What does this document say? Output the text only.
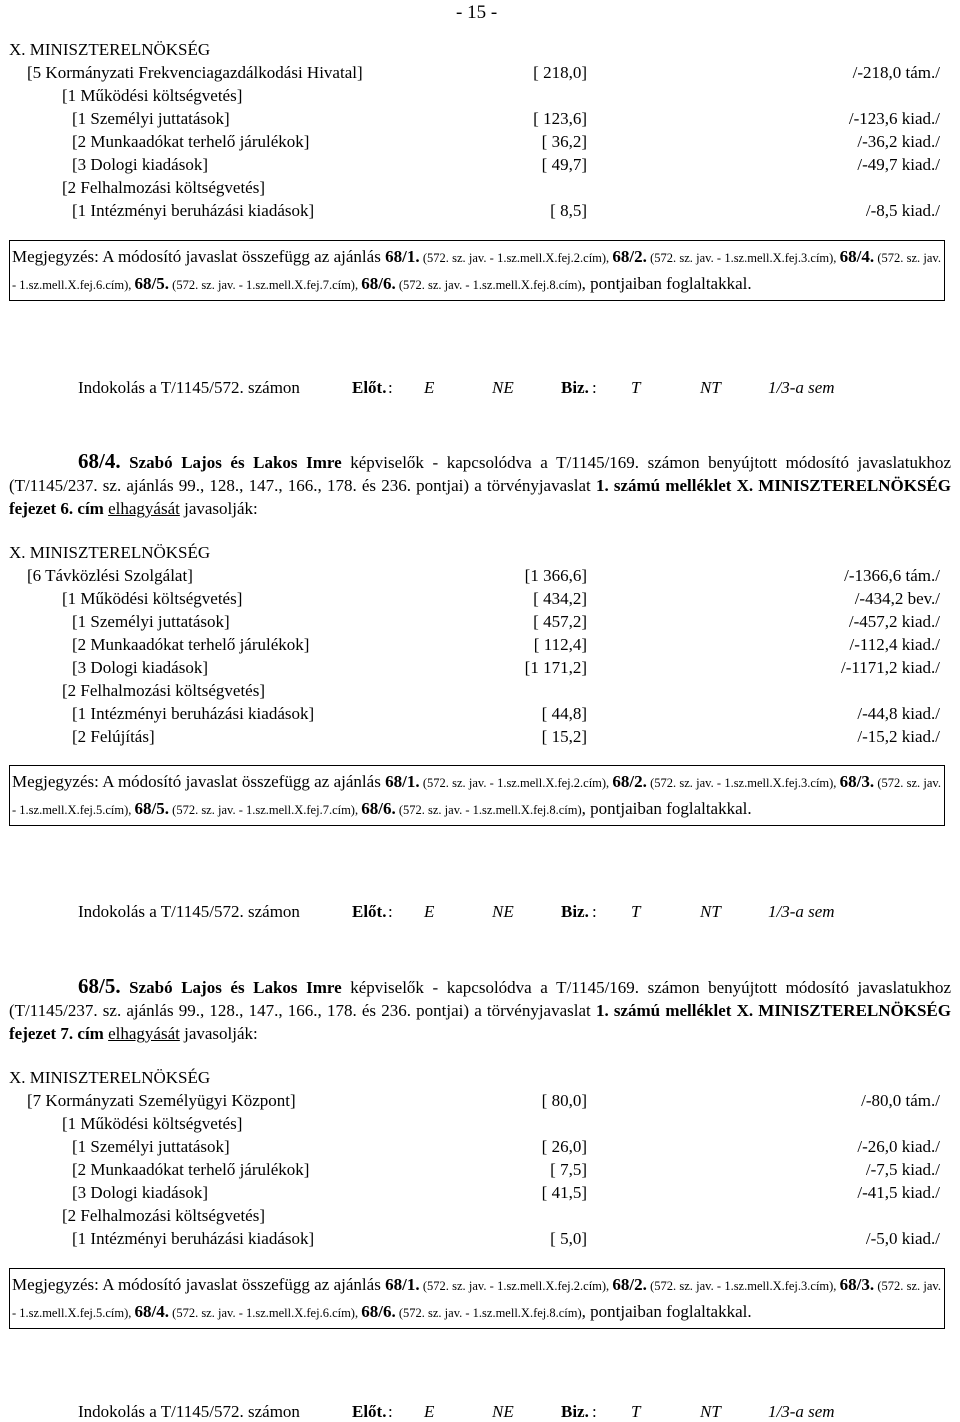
- 15 -
X. MINISZTERELNÖKSÉG
Megjegyzés: A módosító javaslat összefügg az ajánlás 68/1. (572. sz. jav. - 1.sz.mell.X.fej.2.cím), 68/2. (572. sz. jav. - 1.sz.mell.X.fej.3.cím), 68/4. (572. sz. jav. - 1.sz.mell.X.fej.6.cím), 68/5. (572. sz. jav. - 1.sz.mell.X.fej.7.cím), 68/6. (572. sz. jav. - 1.sz.mell.X.fej.8.cím), pontjaiban foglaltakkal.
Indokolás a T/1145/572. számon	Előt. : E	NE	Biz. : T	NT	1/3-a sem
68/4. Szabó Lajos és Lakos Imre képviselők - kapcsolódva a T/1145/169. számon benyújtott módosító javaslatukhoz (T/1145/237. sz. ajánlás 99., 128., 147., 166., 178. és 236. pontjai) a törvényjavaslat 1. számú melléklet X. MINISZTERELNÖKSÉG fejezet 6. cím elhagyását javasolják:
X. MINISZTERELNÖKSÉG
Megjegyzés: A módosító javaslat összefügg az ajánlás 68/1. (572. sz. jav. - 1.sz.mell.X.fej.2.cím), 68/2. (572. sz. jav. - 1.sz.mell.X.fej.3.cím), 68/3. (572. sz. jav. - 1.sz.mell.X.fej.5.cím), 68/5. (572. sz. jav. - 1.sz.mell.X.fej.7.cím), 68/6. (572. sz. jav. - 1.sz.mell.X.fej.8.cím), pontjaiban foglaltakkal.
Indokolás a T/1145/572. számon	Előt. : E	NE	Biz. : T	NT	1/3-a sem
68/5. Szabó Lajos és Lakos Imre képviselők - kapcsolódva a T/1145/169. számon benyújtott módosító javaslatukhoz (T/1145/237. sz. ajánlás 99., 128., 147., 166., 178. és 236. pontjai) a törvényjavaslat 1. számú melléklet X. MINISZTERELNÖKSÉG fejezet 7. cím elhagyását javasolják:
X. MINISZTERELNÖKSÉG
Megjegyzés: A módosító javaslat összefügg az ajánlás 68/1. (572. sz. jav. - 1.sz.mell.X.fej.2.cím), 68/2. (572. sz. jav. - 1.sz.mell.X.fej.3.cím), 68/3. (572. sz. jav. - 1.sz.mell.X.fej.5.cím), 68/4. (572. sz. jav. - 1.sz.mell.X.fej.6.cím), 68/6. (572. sz. jav. - 1.sz.mell.X.fej.8.cím), pontjaiban foglaltakkal.
Indokolás a T/1145/572. számon	Előt. : E	NE	Biz. : T	NT	1/3-a sem
[5 Kormányzati Frekvenciagazdálkodási Hivatal]	[ 218,0]	/-218,0 tám./
[1 Működési költségvetés]
[1 Személyi juttatások]	[ 123,6]	/-123,6 kiad./
[2 Munkaadókat terhelő járulékok]	[ 36,2]	/-36,2 kiad./
[3 Dologi kiadások]	[ 49,7]	/-49,7 kiad./
[2 Felhalmozási költségvetés]
[1 Intézményi beruházási kiadások]	[ 8,5]	/-8,5 kiad./
[6 Távközlési Szolgálat]	[1 366,6]	/-1366,6 tám./
[1 Működési költségvetés]	[ 434,2]	/-434,2 bev./
[1 Személyi juttatások]	[ 457,2]	/-457,2 kiad./
[2 Munkaadókat terhelő járulékok]	[ 112,4]	/-112,4 kiad./
[3 Dologi kiadások]	[1 171,2]	/-1171,2 kiad./
[2 Felhalmozási költségvetés]
[1 Intézményi beruházási kiadások]	[ 44,8]	/-44,8 kiad./
[2 Felújítás]	[ 15,2]	/-15,2 kiad./
[7 Kormányzati Személyügyi Központ]	[ 80,0]	/-80,0 tám./
[1 Működési költségvetés]
[1 Személyi juttatások]	[ 26,0]	/-26,0 kiad./
[2 Munkaadókat terhelő járulékok]	[ 7,5]	/-7,5 kiad./
[3 Dologi kiadások]	[ 41,5]	/-41,5 kiad./
[2 Felhalmozási költségvetés]
[1 Intézményi beruházási kiadások]	[ 5,0]	/-5,0 kiad./
